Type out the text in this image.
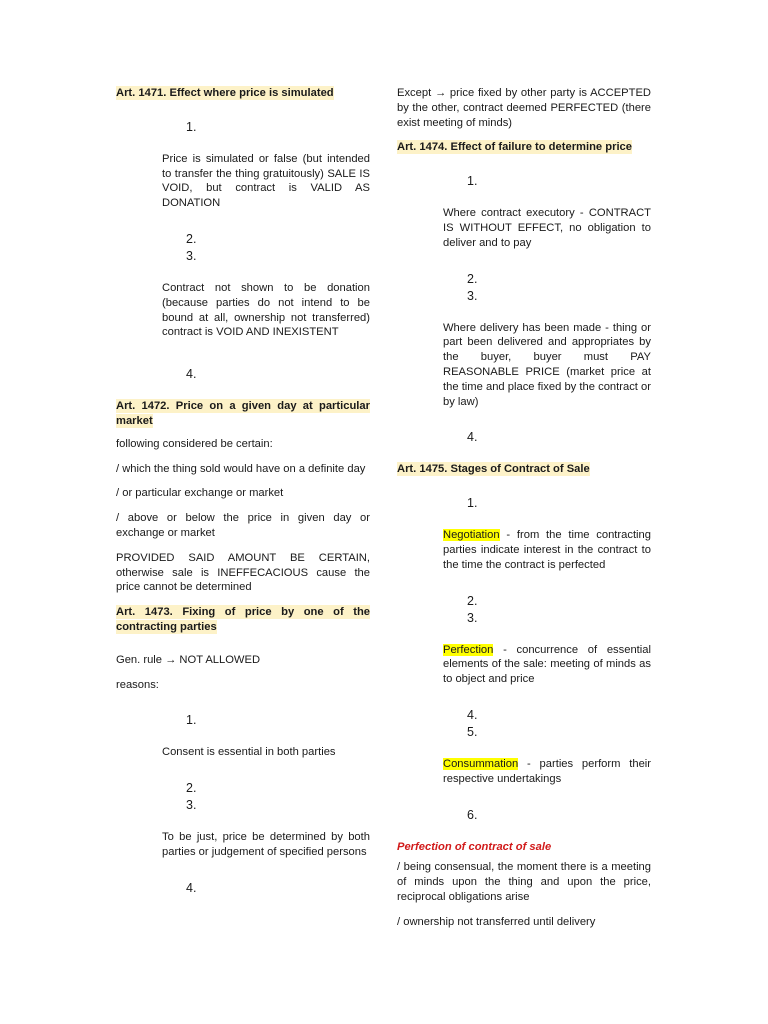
Art. 1471. Effect where price is simulated
1.
Price is simulated or false (but intended to transfer the thing gratuitously) SALE IS VOID, but contract is VALID AS DONATION
2.
3.
Contract not shown to be donation (because parties do not intend to be bound at all, ownership not transferred) contract is VOID AND INEXISTENT
4.
Art. 1472. Price on a given day at particular market
following considered be certain:
/ which the thing sold would have on a definite day
/ or particular exchange or market
/ above or below the price in given day or exchange or market
PROVIDED SAID AMOUNT BE CERTAIN, otherwise sale is INEFFECACIOUS cause the price cannot be determined
Art. 1473. Fixing of price by one of the contracting parties
Gen. rule → NOT ALLOWED
reasons:
1.
Consent is essential in both parties
2.
3.
To be just, price be determined by both parties or judgement of specified persons
4.
Except → price fixed by other party is ACCEPTED by the other, contract deemed PERFECTED (there exist meeting of minds)
Art. 1474. Effect of failure to determine price
1.
Where contract executory - CONTRACT IS WITHOUT EFFECT, no obligation to deliver and to pay
2.
3.
Where delivery has been made - thing or part been delivered and appropriates by the buyer, buyer must PAY REASONABLE PRICE (market price at the time and place fixed by the contract or by law)
4.
Art. 1475. Stages of Contract of Sale
1.
Negotiation - from the time contracting parties indicate interest in the contract to the time the contract is perfected
2.
3.
Perfection - concurrence of essential elements of the sale: meeting of minds as to object and price
4.
5.
Consummation - parties perform their respective undertakings
6.
Perfection of contract of sale
/ being consensual, the moment there is a meeting of minds upon the thing and upon the price, reciprocal obligations arise
/ ownership not transferred until delivery
